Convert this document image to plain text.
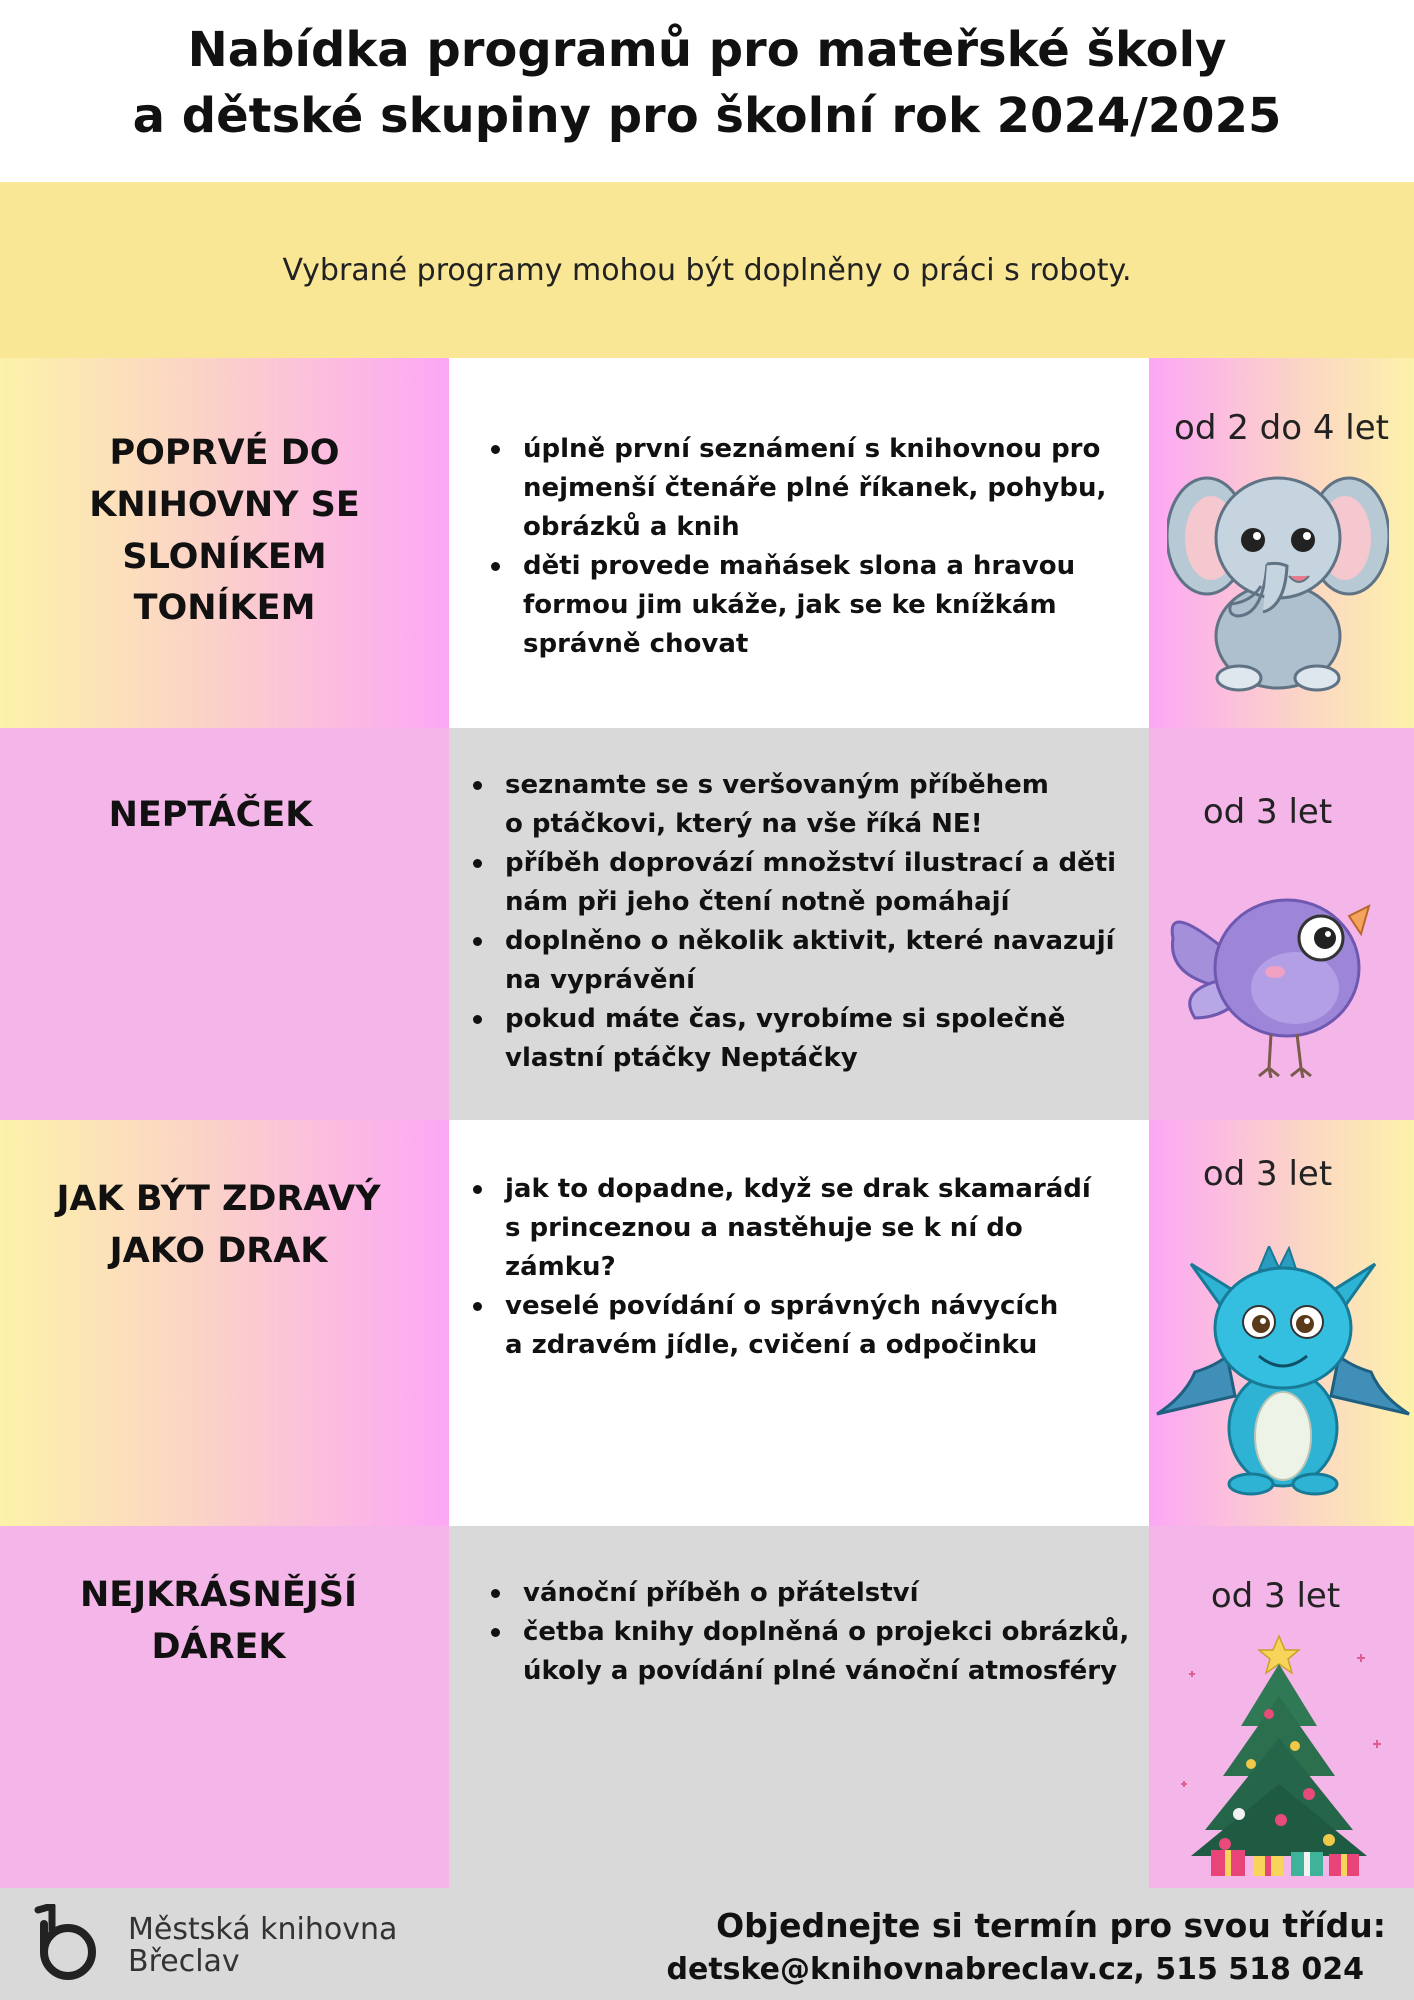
Nabídka programů pro mateřské školy
a dětské skupiny pro školní rok 2024/2025
Vybrané programy mohou být doplněny o práci s roboty.
POPRVÉ DO
KNIHOVNY SE
SLONÍKEM
TONÍKEM
úplně první seznámení s knihovnou pro
nejmenší čtenáře plné říkanek, pohybu,
obrázků a knih
děti provede maňásek slona a hravou
formou jim ukáže, jak se ke knížkám
správně chovat
od 2 do 4 let
NEPTÁČEK
seznamte se s veršovaným příběhem
o ptáčkovi, který na vše říká NE!
příběh doprovází množství ilustrací a děti
nám při jeho čtení notně pomáhají
doplněno o několik aktivit, které navazují
na vyprávění
pokud máte čas, vyrobíme si společně
vlastní ptáčky Neptáčky
od 3 let
JAK BÝT ZDRAVÝ
JAKO DRAK
jak to dopadne, když se drak skamarádí
s princeznou a nastěhuje se k ní do
zámku?
veselé povídání o správných návycích
a zdravém jídle, cvičení a odpočinku
od 3 let
NEJKRÁSNĚJŠÍ
DÁREK
vánoční příběh o přátelství
četba knihy doplněná o projekci obrázků,
úkoly a povídání plné vánoční atmosféry
od 3 let
Městská knihovna
Břeclav
Objednejte si termín pro svou třídu:
detske@knihovnabreclav.cz, 515 518 024
